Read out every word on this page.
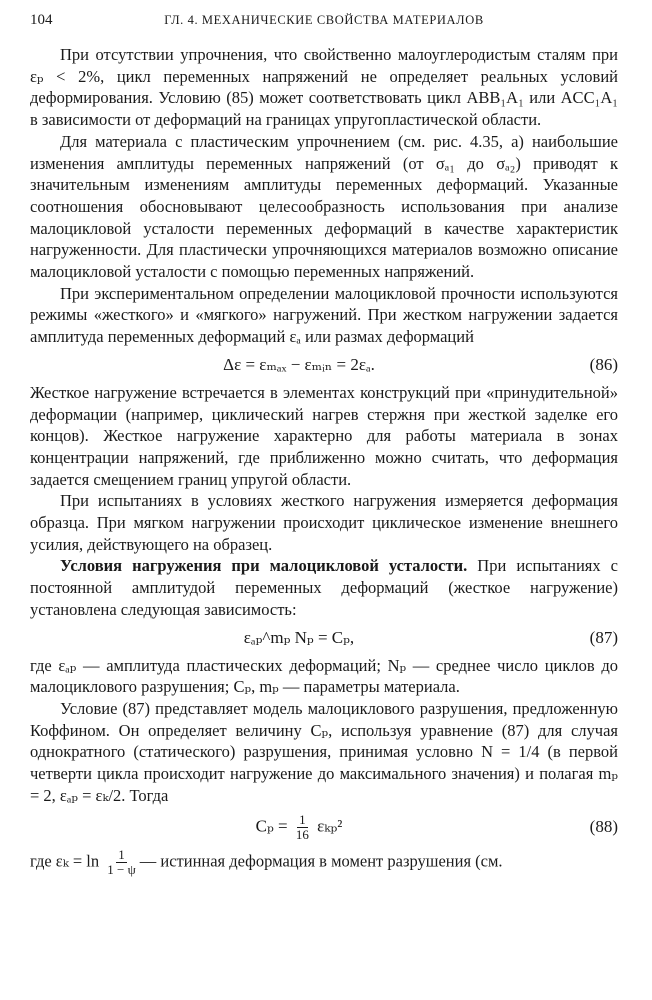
104	ГЛ. 4. МЕХАНИЧЕСКИЕ СВОЙСТВА МАТЕРИАЛОВ

При отсутствии упрочнения, что свойственно малоуглеродистым сталям при εₚ < 2%, цикл переменных напряжений не определяет реальных условий деформирования. Условию (85) может соответствовать цикл ABB₁A₁ или ACC₁A₁ в зависимости от деформаций на границах упругопластической области.

Для материала с пластическим упрочнением (см. рис. 4.35, а) наибольшие изменения амплитуды переменных напряжений (от σₐ₁ до σₐ₂) приводят к значительным изменениям амплитуды переменных деформаций. Указанные соотношения обосновывают целесообразность использования при анализе малоцикловой усталости переменных деформаций в качестве характеристик нагруженности. Для пластически упрочняющихся материалов возможно описание малоцикловой усталости с помощью переменных напряжений.

При экспериментальном определении малоцикловой прочности используются режимы «жесткого» и «мягкого» нагружений. При жестком нагружении задается амплитуда переменных деформаций εₐ или размах деформаций

Δε = εₘₐₓ − εₘᵢₙ = 2εₐ.	(86)

Жесткое нагружение встречается в элементах конструкций при «принудительной» деформации (например, циклический нагрев стержня при жесткой заделке его концов). Жесткое нагружение характерно для работы материала в зонах концентрации напряжений, где приближенно можно считать, что деформация задается смещением границ упругой области.

При испытаниях в условиях жесткого нагружения измеряется деформация образца. При мягком нагружении происходит циклическое изменение внешнего усилия, действующего на образец.

Условия нагружения при малоцикловой усталости. При испытаниях с постоянной амплитудой переменных деформаций (жесткое нагружение) установлена следующая зависимость:

εₐₚ^mₚ Nₚ = Cₚ,	(87)

где εₐₚ — амплитуда пластических деформаций; Nₚ — среднее число циклов до малоциклового разрушения; Cₚ, mₚ — параметры материала.

Условие (87) представляет модель малоциклового разрушения, предложенную Коффином. Он определяет величину Cₚ, используя уравнение (87) для случая однократного (статического) разрушения, принимая условно N = 1/4 (в первой четверти цикла происходит нагружение до максимального значения) и полагая mₚ = 2, εₐₚ = εₖ/2. Тогда

$C_p = \frac{1}{16} \varepsilon_{kp}^2$	(88)

где $\varepsilon_k = \ln \frac{1}{1 - \psi}$ — истинная деформация в момент разрушения (см.
